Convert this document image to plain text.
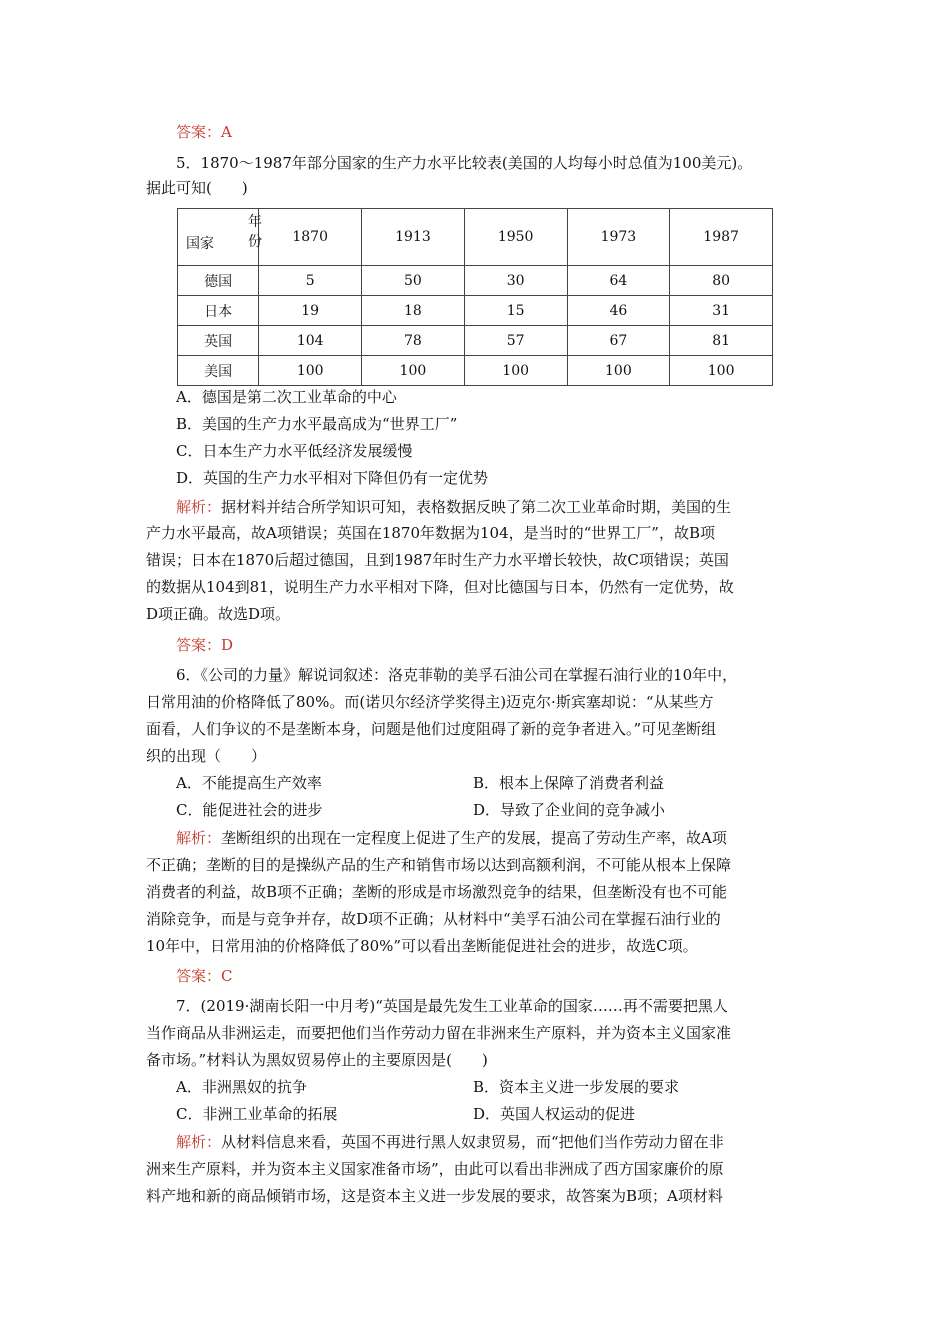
答案：A
5．1870～1987年部分国家的生产力水平比较表(美国的人均每小时总值为100美元)。
据此可知(　　)
年份
国家	1870	1913	1950	1973	1987
德国	5	50	30	64	80
日本	19	18	15	46	31
英国	104	78	57	67	81
美国	100	100	100	100	100
A．德国是第二次工业革命的中心
B．美国的生产力水平最高成为“世界工厂”
C．日本生产力水平低经济发展缓慢
D．英国的生产力水平相对下降但仍有一定优势
解析：据材料并结合所学知识可知，表格数据反映了第二次工业革命时期，美国的生
产力水平最高，故A项错误；英国在1870年数据为104，是当时的“世界工厂”，故B项
错误；日本在1870后超过德国，且到1987年时生产力水平增长较快，故C项错误；英国
的数据从104到81，说明生产力水平相对下降，但对比德国与日本，仍然有一定优势，故
D项正确。故选D项。
答案：D
6．《公司的力量》解说词叙述：洛克菲勒的美孚石油公司在掌握石油行业的10年中，
日常用油的价格降低了80%。而(诺贝尔经济学奖得主)迈克尔·斯宾塞却说：“从某些方
面看，人们争议的不是垄断本身，问题是他们过度阻碍了新的竞争者进入。”可见垄断组
织的出现（　　）
A．不能提高生产效率	B．根本上保障了消费者利益
C．能促进社会的进步	D．导致了企业间的竞争减小
解析：垄断组织的出现在一定程度上促进了生产的发展，提高了劳动生产率，故A项
不正确；垄断的目的是操纵产品的生产和销售市场以达到高额利润，不可能从根本上保障
消费者的利益，故B项不正确；垄断的形成是市场激烈竞争的结果，但垄断没有也不可能
消除竞争，而是与竞争并存，故D项不正确；从材料中“美孚石油公司在掌握石油行业的
10年中，日常用油的价格降低了80%”可以看出垄断能促进社会的进步，故选C项。
答案：C
7．(2019·湖南长阳一中月考)“英国是最先发生工业革命的国家……再不需要把黑人
当作商品从非洲运走，而要把他们当作劳动力留在非洲来生产原料，并为资本主义国家准
备市场。”材料认为黑奴贸易停止的主要原因是(　　)
A．非洲黑奴的抗争	B．资本主义进一步发展的要求
C．非洲工业革命的拓展	D．英国人权运动的促进
解析：从材料信息来看，英国不再进行黑人奴隶贸易，而“把他们当作劳动力留在非
洲来生产原料，并为资本主义国家准备市场”，由此可以看出非洲成了西方国家廉价的原
料产地和新的商品倾销市场，这是资本主义进一步发展的要求，故答案为B项；A项材料
